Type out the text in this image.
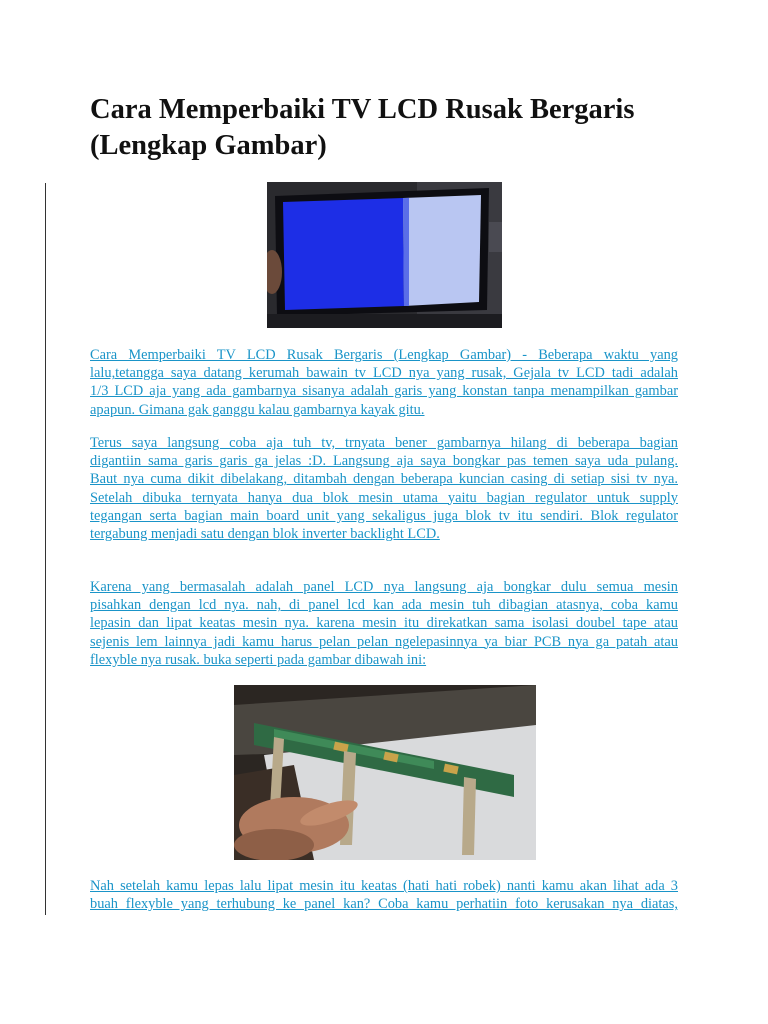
Cara Memperbaiki TV LCD Rusak Bergaris
(Lengkap Gambar)

Cara Memperbaiki TV LCD Rusak Bergaris (Lengkap Gambar) - Beberapa waktu yang
lalu,tetangga saya datang kerumah bawain tv LCD nya yang rusak, Gejala tv LCD tadi adalah
1/3 LCD aja yang ada gambarnya sisanya adalah garis yang konstan tanpa menampilkan gambar
apapun. Gimana gak ganggu kalau gambarnya kayak gitu.

Terus saya langsung coba aja tuh tv, trnyata bener gambarnya hilang di beberapa bagian
digantiin sama garis garis ga jelas :D. Langsung aja saya bongkar pas temen saya uda pulang.
Baut nya cuma dikit dibelakang, ditambah dengan beberapa kuncian casing di setiap sisi tv nya.
Setelah dibuka ternyata hanya dua blok mesin utama yaitu bagian regulator untuk supply
tegangan serta bagian main board unit yang sekaligus juga blok tv itu sendiri. Blok regulator
tergabung menjadi satu dengan blok inverter backlight LCD.

Karena yang bermasalah adalah panel LCD nya langsung aja bongkar dulu semua mesin
pisahkan dengan lcd nya. nah, di panel lcd kan ada mesin tuh dibagian atasnya, coba kamu
lepasin dan lipat keatas mesin nya. karena mesin itu direkatkan sama isolasi doubel tape atau
sejenis lem lainnya jadi kamu harus pelan pelan ngelepasinnya ya biar PCB nya ga patah atau
flexyble nya rusak. buka seperti pada gambar dibawah ini:

Nah setelah kamu lepas lalu lipat mesin itu keatas (hati hati robek) nanti kamu akan lihat ada 3
buah flexyble yang terhubung ke panel kan? Coba kamu perhatiin foto kerusakan nya diatas,
